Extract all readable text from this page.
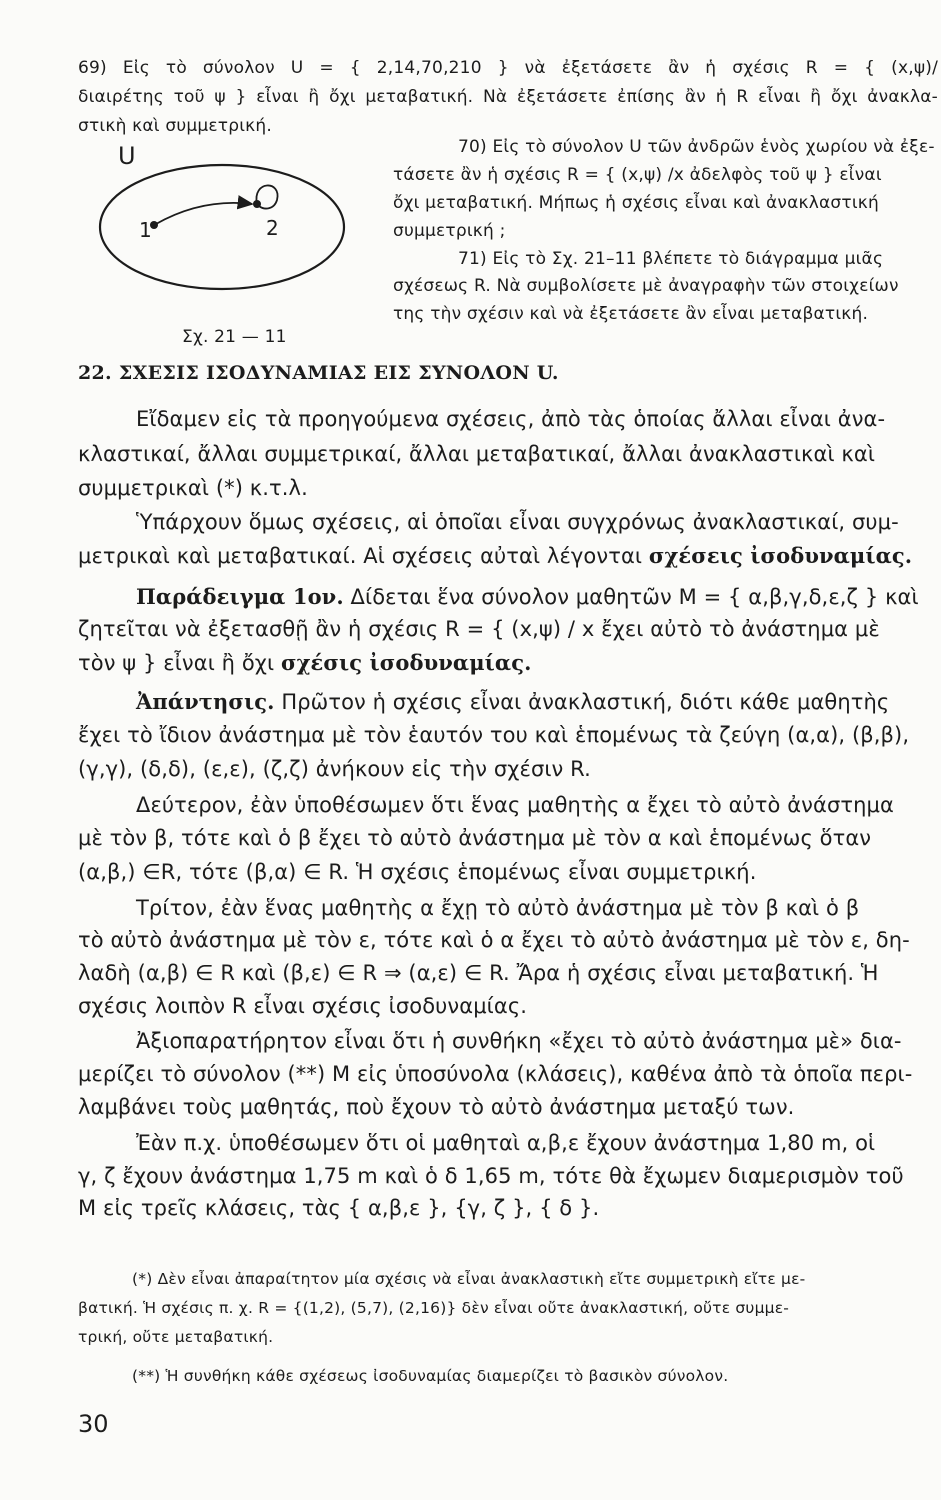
69) Εἰς τὸ σύνολον U = { 2,14,70,210 } νὰ ἐξετάσετε ἂν ἡ σχέσις R = { (x,ψ)/
διαιρέτης τοῦ ψ } εἶναι ἢ ὄχι μεταβατική. Νὰ ἐξετάσετε ἐπίσης ἂν ἡ R εἶναι ἢ ὄχι ἀνακλα-
στικὴ καὶ συμμετρική.
U
1	2
Σχ. 21 — 11
70) Εἰς τὸ σύνολον U τῶν ἀνδρῶν ἑνὸς χωρίου νὰ ἐξε-
τάσετε ἂν ἡ σχέσις R = { (x,ψ) /x ἀδελφὸς τοῦ ψ } εἶναι
ὄχι μεταβατική. Μήπως ἡ σχέσις εἶναι καὶ ἀνακλαστική
συμμετρική ;
71) Εἰς τὸ Σχ. 21–11 βλέπετε τὸ διάγραμμα μιᾶς
σχέσεως R. Νὰ συμβολίσετε μὲ ἀναγραφὴν τῶν στοιχείων
της τὴν σχέσιν καὶ νὰ ἐξετάσετε ἂν εἶναι μεταβατική.
22. ΣΧΕΣΙΣ ΙΣΟΔΥΝΑΜΙΑΣ ΕΙΣ ΣΥΝΟΛΟΝ U.
Εἴδαμεν εἰς τὰ προηγούμενα σχέσεις, ἀπὸ τὰς ὁποίας ἄλλαι εἶναι ἀνα-
κλαστικαί, ἄλλαι συμμετρικαί, ἄλλαι μεταβατικαί, ἄλλαι ἀνακλαστικαὶ καὶ
συμμετρικαὶ (*) κ.τ.λ.
Ὑπάρχουν ὅμως σχέσεις, αἱ ὁποῖαι εἶναι συγχρόνως ἀνακλαστικαί, συμ-
μετρικαὶ καὶ μεταβατικαί. Αἱ σχέσεις αὐταὶ λέγονται σχέσεις ἰσοδυναμίας.
Παράδειγμα 1ον. Δίδεται ἕνα σύνολον μαθητῶν M = { α,β,γ,δ,ε,ζ } καὶ
ζητεῖται νὰ ἐξετασθῇ ἂν ἡ σχέσις R = { (x,ψ) / x ἔχει αὐτὸ τὸ ἀνάστημα μὲ
τὸν ψ } εἶναι ἢ ὄχι σχέσις ἰσοδυναμίας.
Ἀπάντησις. Πρῶτον ἡ σχέσις εἶναι ἀνακλαστική, διότι κάθε μαθητὴς
ἔχει τὸ ἴδιον ἀνάστημα μὲ τὸν ἑαυτόν του καὶ ἑπομένως τὰ ζεύγη (α,α), (β,β),
(γ,γ), (δ,δ), (ε,ε), (ζ,ζ) ἀνήκουν εἰς τὴν σχέσιν R.
Δεύτερον, ἐὰν ὑποθέσωμεν ὅτι ἕνας μαθητὴς α ἔχει τὸ αὐτὸ ἀνάστημα
μὲ τὸν β, τότε καὶ ὁ β ἔχει τὸ αὐτὸ ἀνάστημα μὲ τὸν α καὶ ἑπομένως ὅταν
(α,β,) ∈R, τότε (β,α) ∈ R. Ἡ σχέσις ἑπομένως εἶναι συμμετρική.
Τρίτον, ἐὰν ἕνας μαθητὴς α ἔχῃ τὸ αὐτὸ ἀνάστημα μὲ τὸν β καὶ ὁ β
τὸ αὐτὸ ἀνάστημα μὲ τὸν ε, τότε καὶ ὁ α ἔχει τὸ αὐτὸ ἀνάστημα μὲ τὸν ε, δη-
λαδὴ (α,β) ∈ R καὶ (β,ε) ∈ R ⇒ (α,ε) ∈ R. Ἄρα ἡ σχέσις εἶναι μεταβατική. Ἡ
σχέσις λοιπὸν R εἶναι σχέσις ἰσοδυναμίας.
Ἀξιοπαρατήρητον εἶναι ὅτι ἡ συνθήκη «ἔχει τὸ αὐτὸ ἀνάστημα μὲ» δια-
μερίζει τὸ σύνολον (**) M εἰς ὑποσύνολα (κλάσεις), καθένα ἀπὸ τὰ ὁποῖα περι-
λαμβάνει τοὺς μαθητάς, ποὺ ἔχουν τὸ αὐτὸ ἀνάστημα μεταξύ των.
Ἐὰν π.χ. ὑποθέσωμεν ὅτι οἱ μαθηταὶ α,β,ε ἔχουν ἀνάστημα 1,80 m, οἱ
γ, ζ ἔχουν ἀνάστημα 1,75 m καὶ ὁ δ 1,65 m, τότε θὰ ἔχωμεν διαμερισμὸν τοῦ
M εἰς τρεῖς κλάσεις, τὰς { α,β,ε }, {γ, ζ }, { δ }.
(*) Δὲν εἶναι ἀπαραίτητον μία σχέσις νὰ εἶναι ἀνακλαστικὴ εἴτε συμμετρικὴ εἴτε με-
βατική. Ἡ σχέσις π. χ. R = {(1,2), (5,7), (2,16)} δὲν εἶναι οὔτε ἀνακλαστική, οὔτε συμμε-
τρική, οὔτε μεταβατική.
(**) Ἡ συνθήκη κάθε σχέσεως ἰσοδυναμίας διαμερίζει τὸ βασικὸν σύνολον.
30
